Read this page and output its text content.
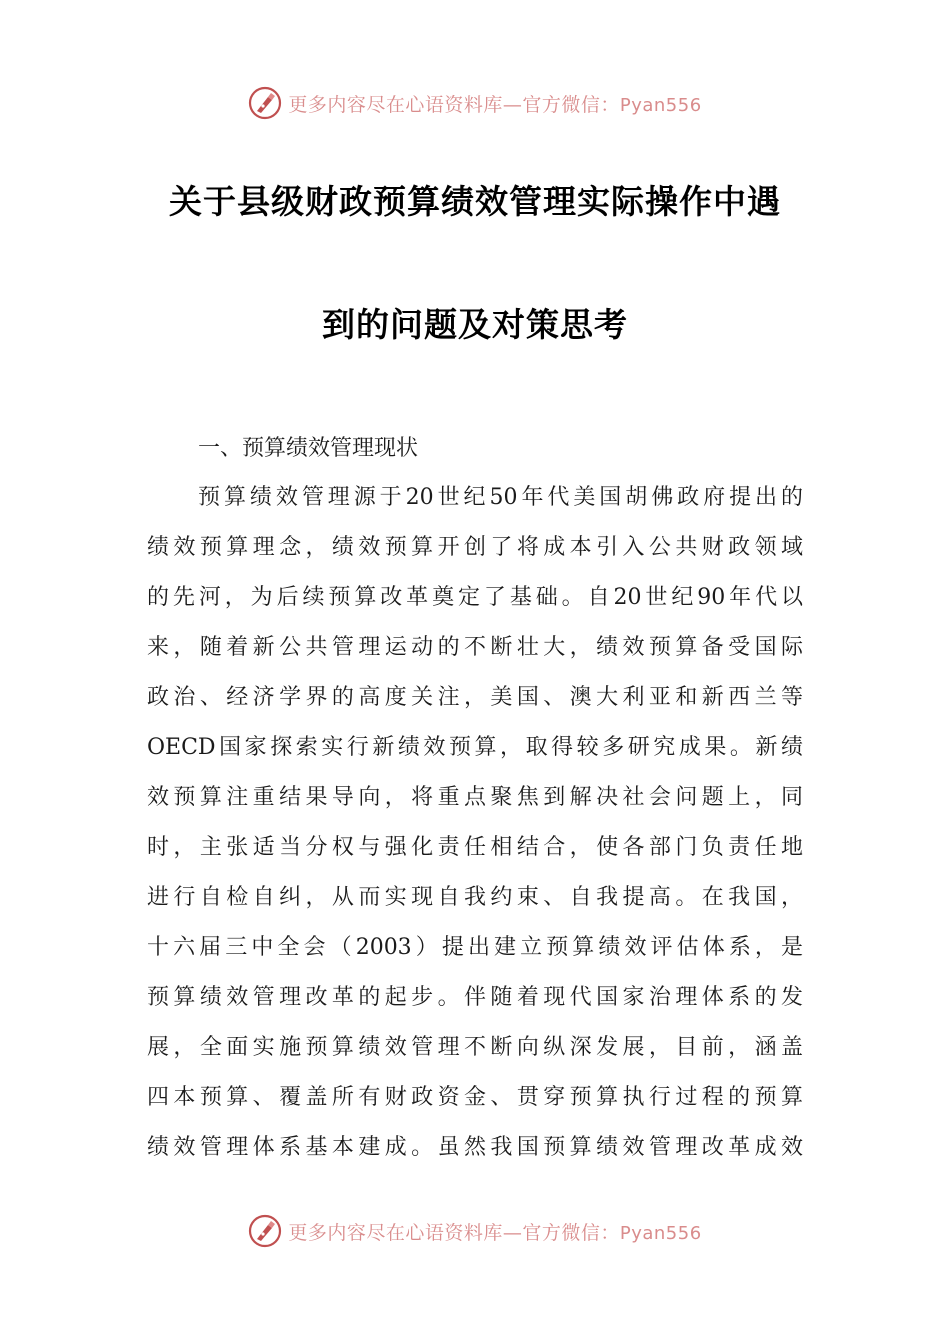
更多内容尽在心语资料库—官方微信：Pyan556
关于县级财政预算绩效管理实际操作中遇
到的问题及对策思考
一、预算绩效管理现状
预算绩效管理源于20世纪50年代美国胡佛政府提出的
绩效预算理念，绩效预算开创了将成本引入公共财政领域
的先河，为后续预算改革奠定了基础。自20世纪90年代以
来，随着新公共管理运动的不断壮大，绩效预算备受国际
政治、经济学界的高度关注，美国、澳大利亚和新西兰等
OECD国家探索实行新绩效预算，取得较多研究成果。新绩
效预算注重结果导向，将重点聚焦到解决社会问题上，同
时，主张适当分权与强化责任相结合，使各部门负责任地
进行自检自纠，从而实现自我约束、自我提高。在我国，
十六届三中全会（2003）提出建立预算绩效评估体系，是
预算绩效管理改革的起步。伴随着现代国家治理体系的发
展，全面实施预算绩效管理不断向纵深发展，目前，涵盖
四本预算、覆盖所有财政资金、贯穿预算执行过程的预算
绩效管理体系基本建成。虽然我国预算绩效管理改革成效
更多内容尽在心语资料库—官方微信：Pyan556
